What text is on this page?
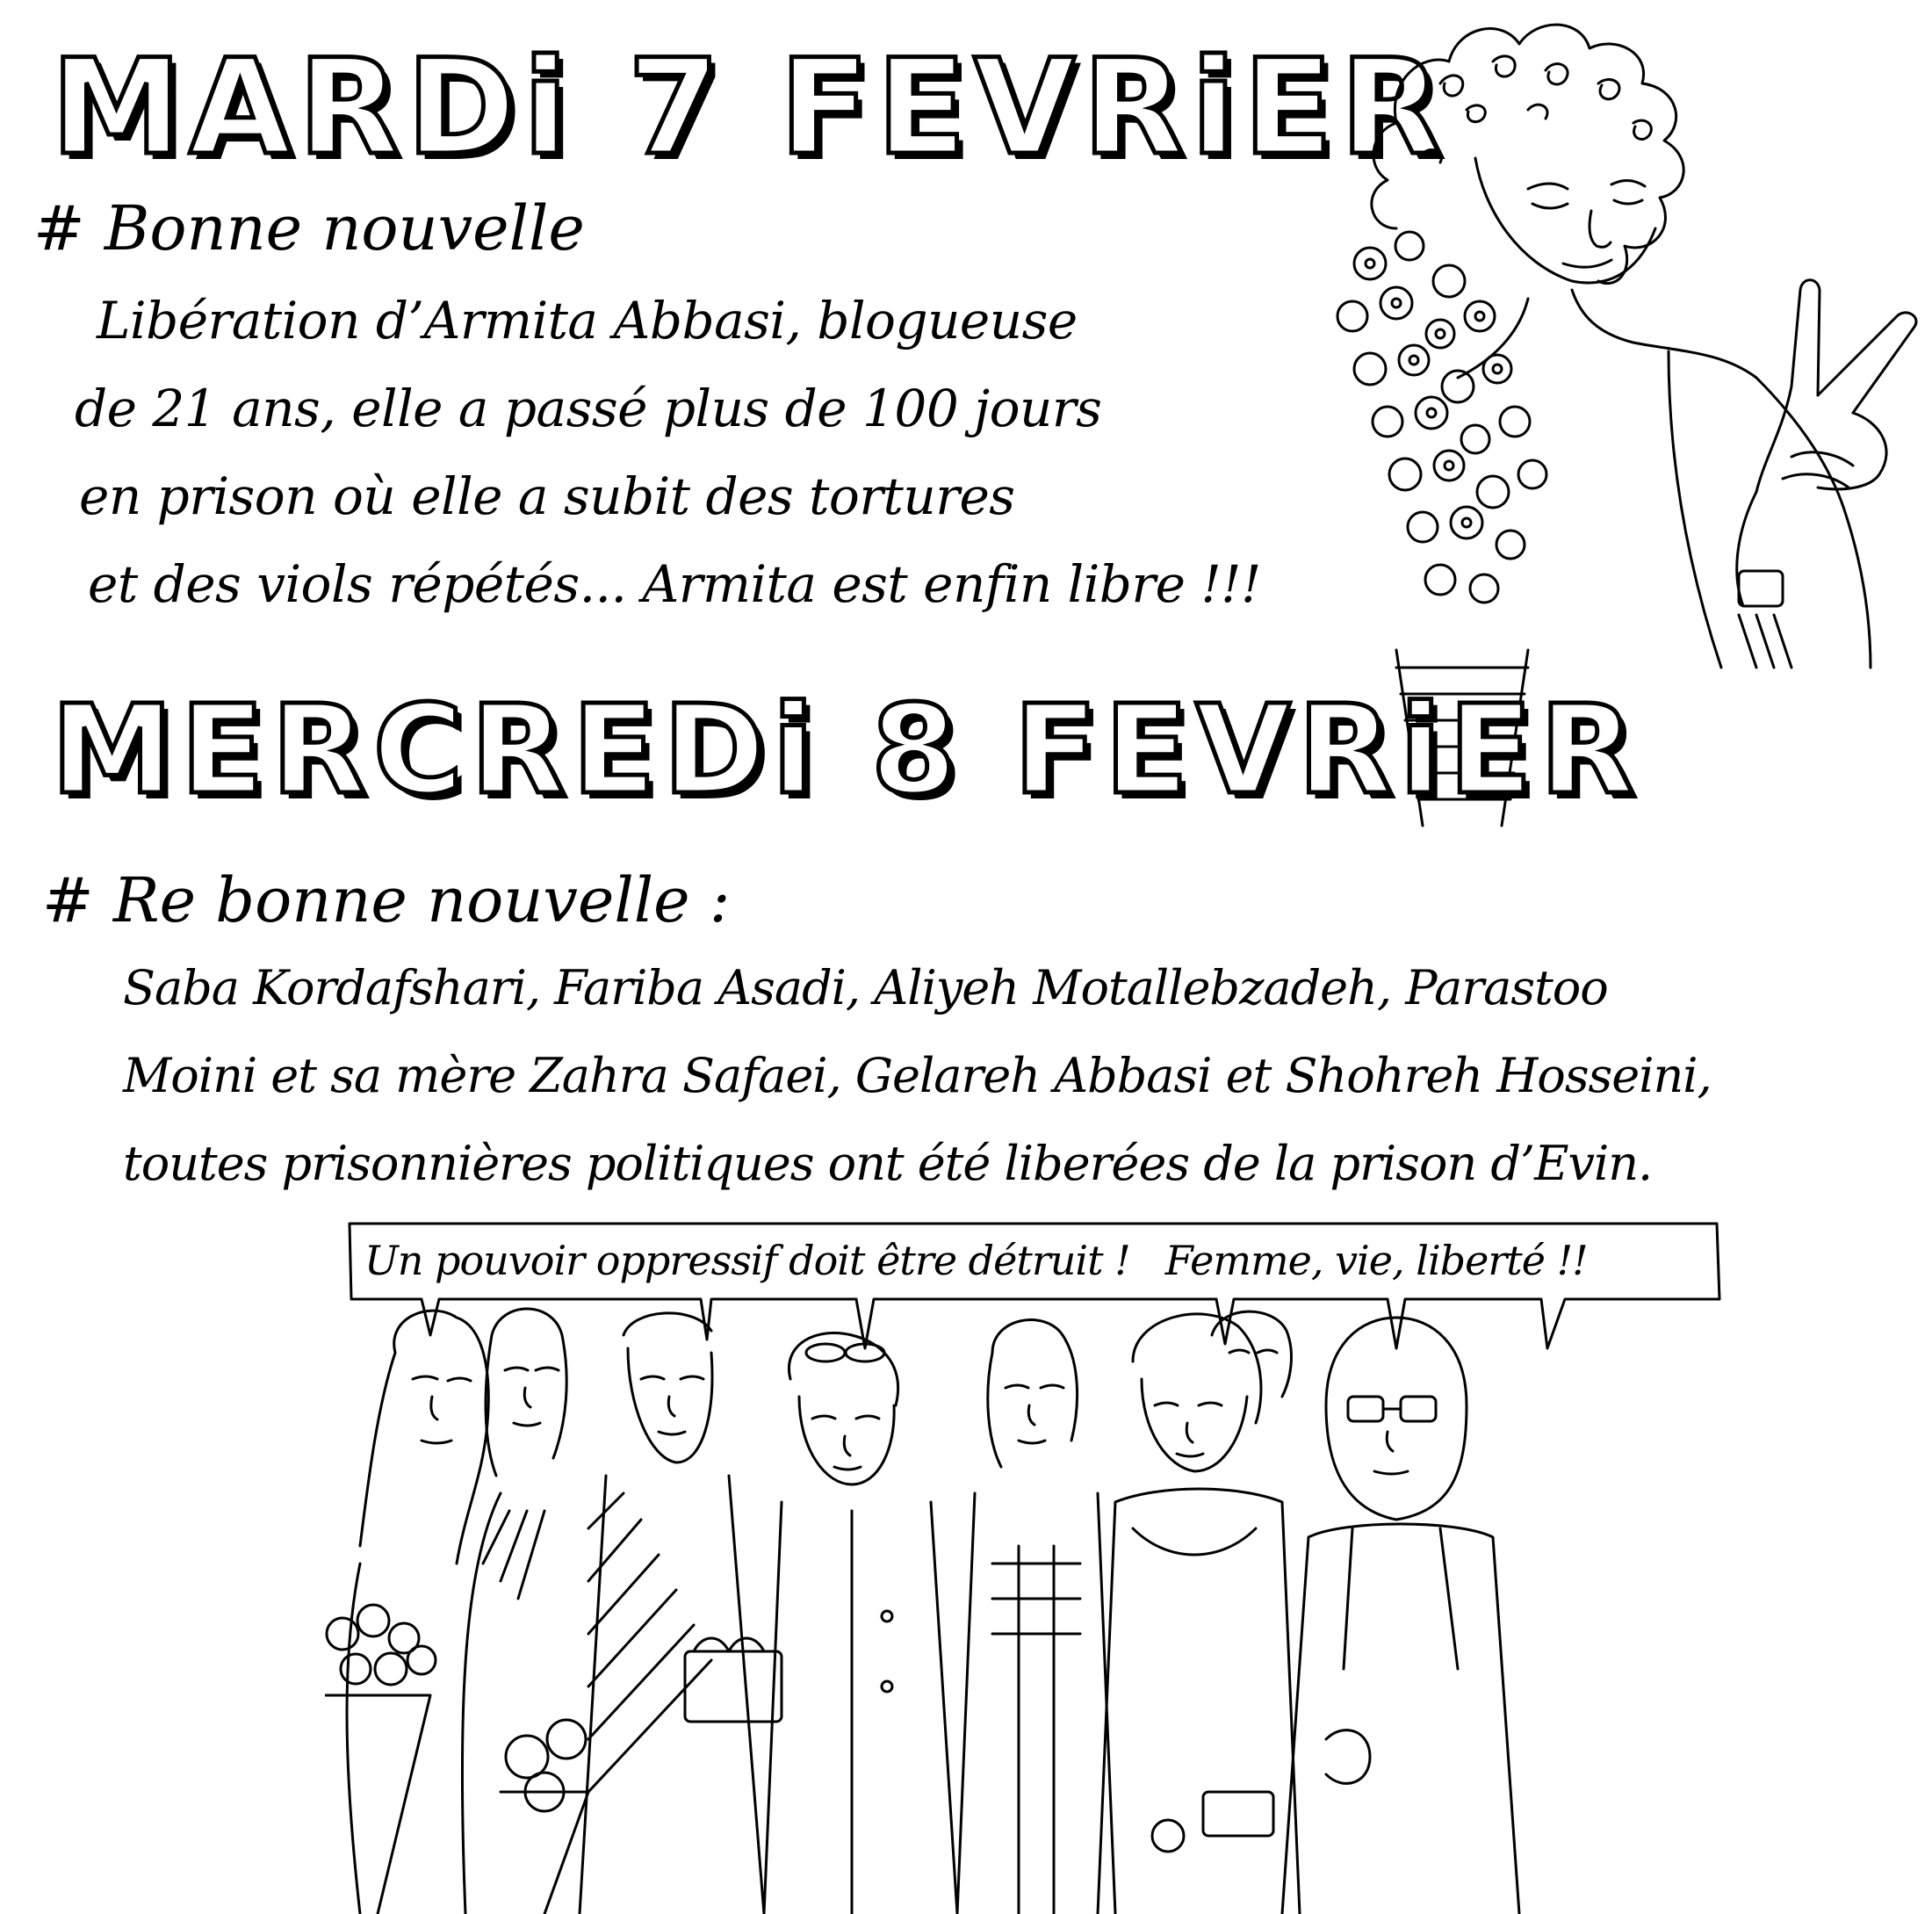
MARDi 7 FEVRiER

# Bonne nouvelle

Libération d’Armita Abbasi, blogueuse

de 21 ans, elle a passé plus de 100 jours

en prison où elle a subit des tortures

et des viols répétés... Armita est enfin libre !!!

MERCREDi 8 FEVRiER

# Re bonne nouvelle :

Saba Kordafshari, Fariba Asadi, Aliyeh Motallebzadeh, Parastoo

Moini et sa mère Zahra Safaei, Gelareh Abbasi et Shohreh Hosseini,

toutes prisonnières politiques ont été liberées de la prison d’Evin.

Un pouvoir oppressif doit être détruit ! Femme, vie, liberté !!
